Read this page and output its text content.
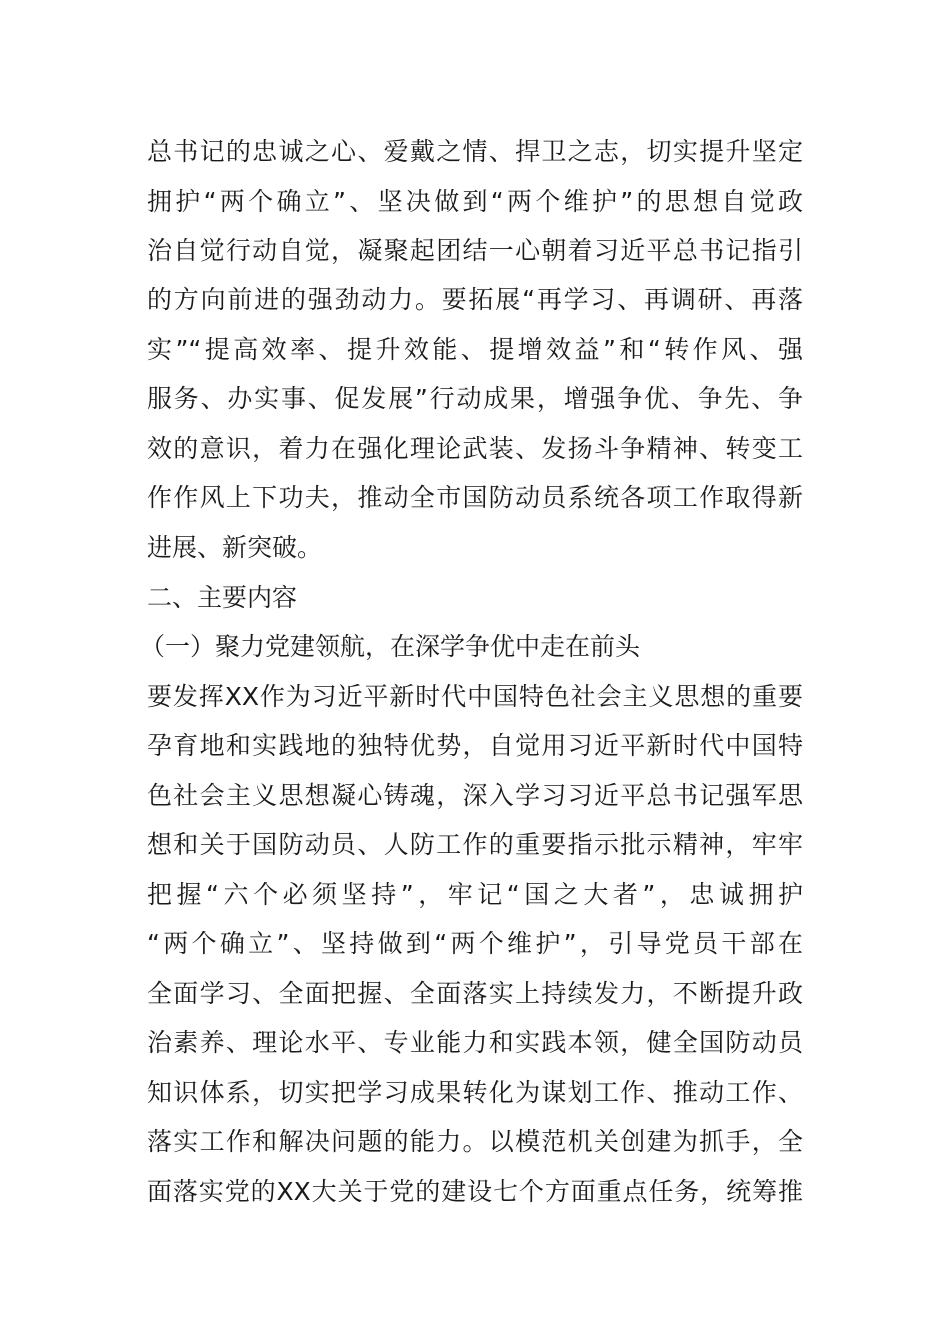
总书记的忠诚之心、爱戴之情、捍卫之志，切实提升坚定
拥护“两个确立”、坚决做到“两个维护”的思想自觉政
治自觉行动自觉，凝聚起团结一心朝着习近平总书记指引
的方向前进的强劲动力。要拓展“再学习、再调研、再落
实”“提高效率、提升效能、提增效益”和“转作风、强
服务、办实事、促发展”行动成果，增强争优、争先、争
效的意识，着力在强化理论武装、发扬斗争精神、转变工
作作风上下功夫，推动全市国防动员系统各项工作取得新
进展、新突破。
二、主要内容
（一）聚力党建领航，在深学争优中走在前头
要发挥XX作为习近平新时代中国特色社会主义思想的重要
孕育地和实践地的独特优势，自觉用习近平新时代中国特
色社会主义思想凝心铸魂，深入学习习近平总书记强军思
想和关于国防动员、人防工作的重要指示批示精神，牢牢
把握“六个必须坚持”，牢记“国之大者”，忠诚拥护
“两个确立”、坚持做到“两个维护”，引导党员干部在
全面学习、全面把握、全面落实上持续发力，不断提升政
治素养、理论水平、专业能力和实践本领，健全国防动员
知识体系，切实把学习成果转化为谋划工作、推动工作、
落实工作和解决问题的能力。以模范机关创建为抓手，全
面落实党的XX大关于党的建设七个方面重点任务，统筹推
